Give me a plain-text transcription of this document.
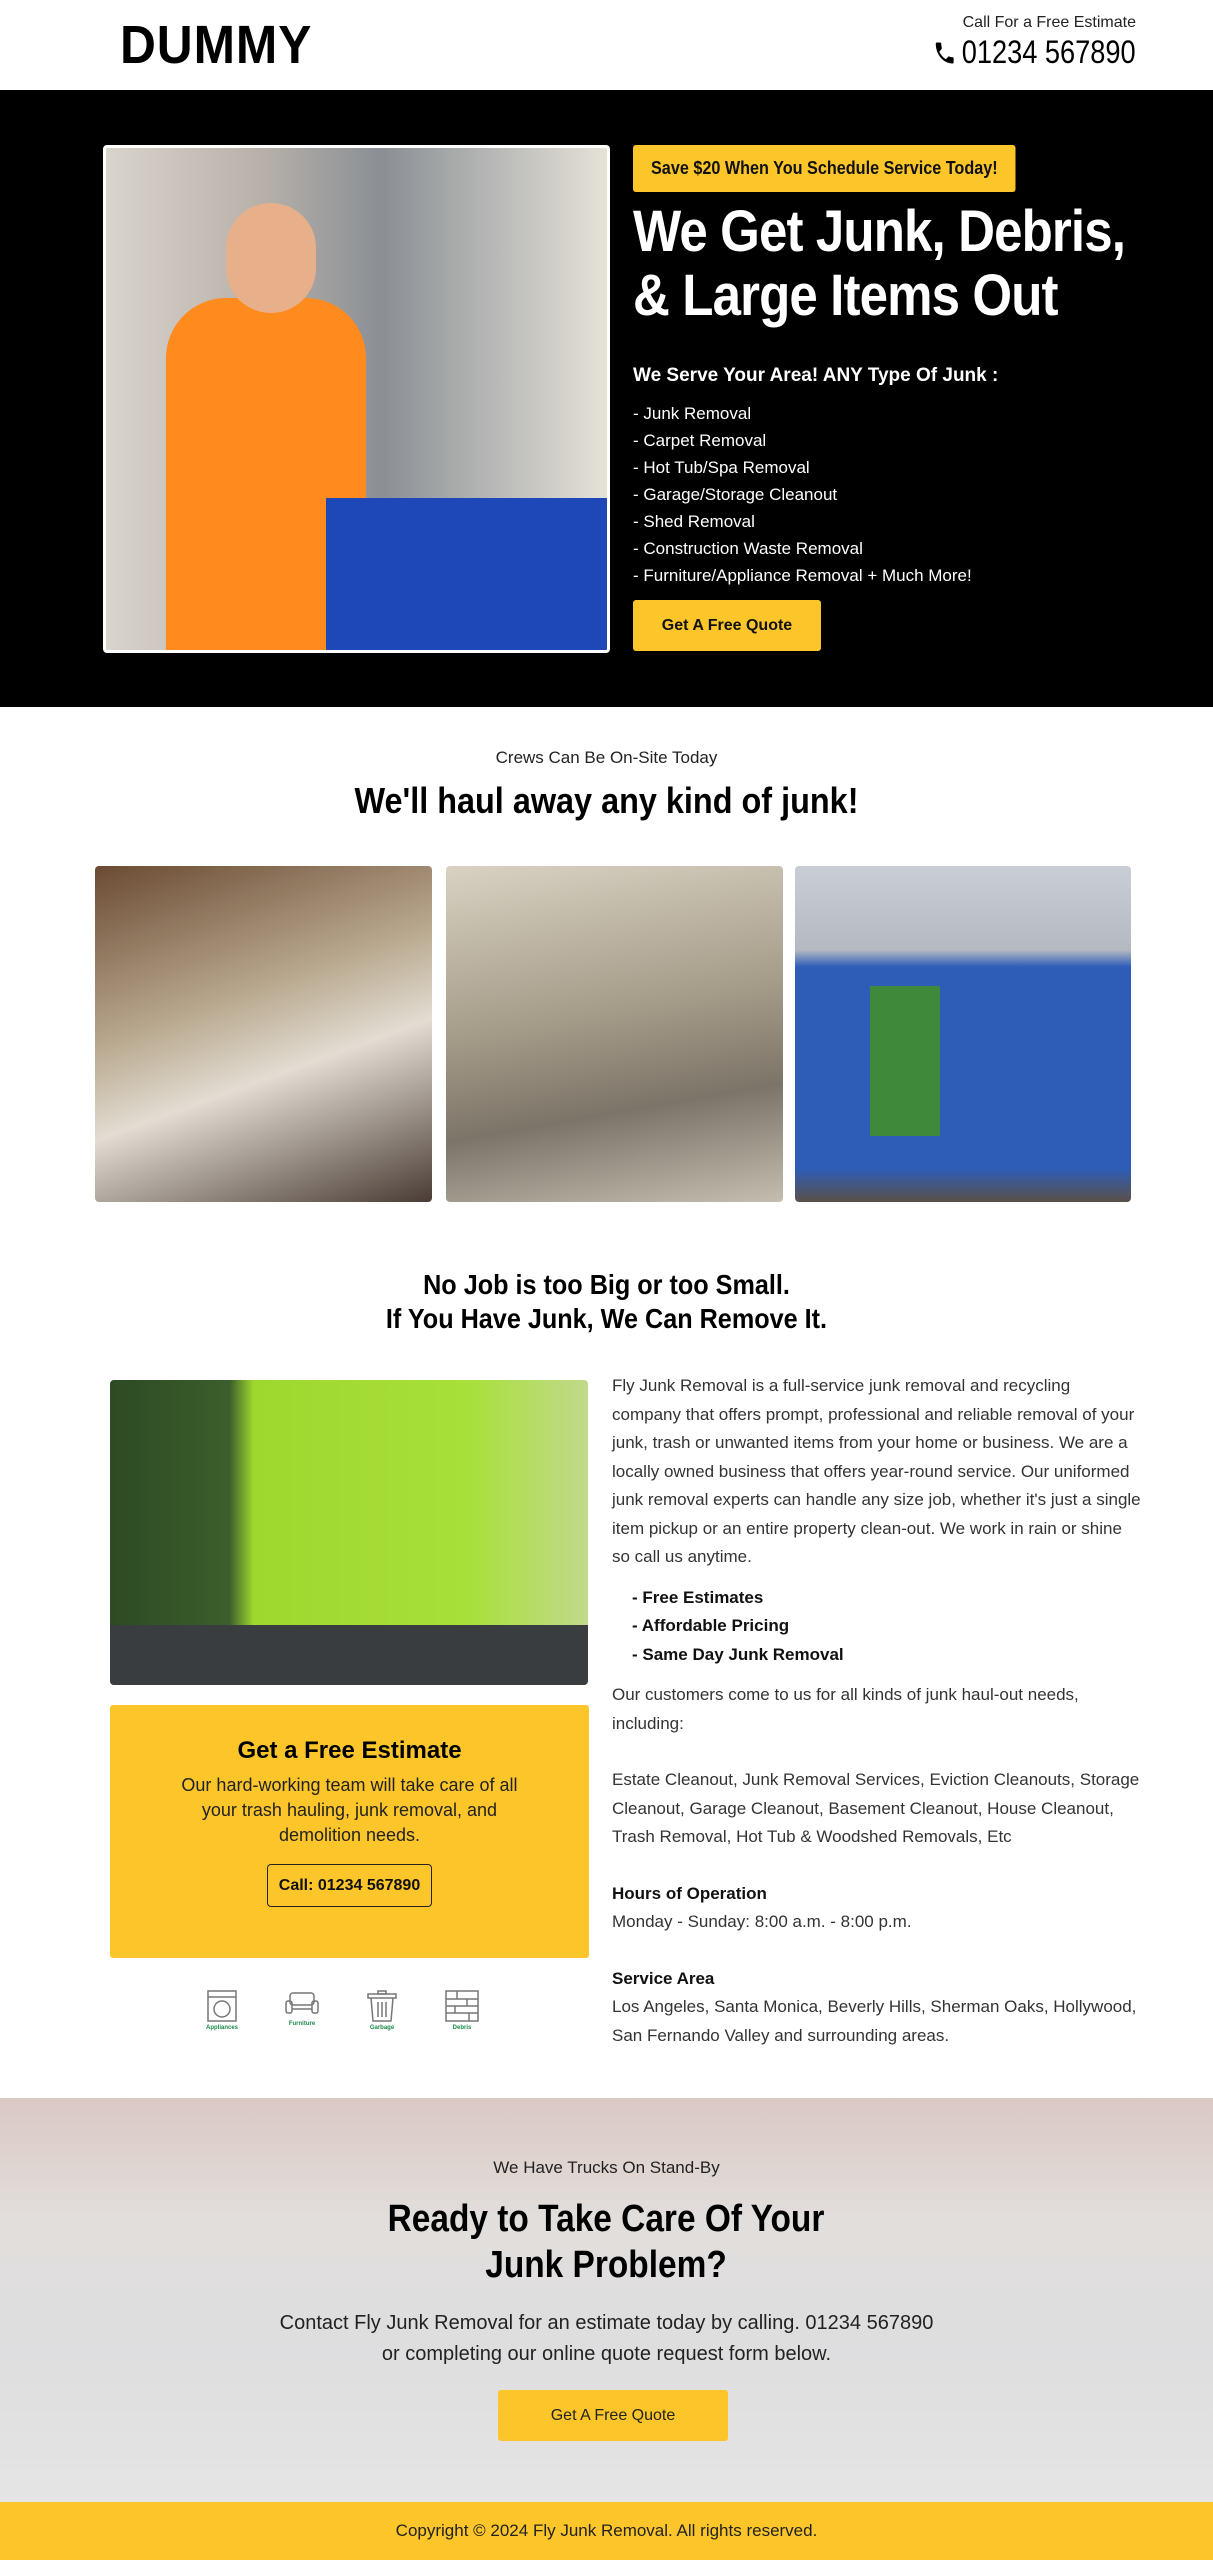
DUMMY	Call For a Free Estimate
01234 567890
Save $20 When You Schedule Service Today!
We Get Junk, Debris, & Large Items Out
We Serve Your Area! ANY Type Of Junk :
- Junk Removal
- Carpet Removal
- Hot Tub/Spa Removal
- Garage/Storage Cleanout
- Shed Removal
- Construction Waste Removal
- Furniture/Appliance Removal + Much More!
Get A Free Quote
Crews Can Be On-Site Today
We'll haul away any kind of junk!
No Job is too Big or too Small.
If You Have Junk, We Can Remove It.
Get a Free Estimate
Our hard-working team will take care of all your trash hauling, junk removal, and demolition needs.
Call: 01234 567890
Appliances
Furniture
Garbage	Debris

Fly Junk Removal is a full-service junk removal and recycling company that offers prompt, professional and reliable removal of your junk, trash or unwanted items from your home or business. We are a locally owned business that offers year-round service. Our uniformed junk removal experts can handle any size job, whether it's just a single item pickup or an entire property clean-out. We work in rain or shine so call us anytime.

- Free Estimates
- Affordable Pricing
- Same Day Junk Removal

Our customers come to us for all kinds of junk haul-out needs, including:

Estate Cleanout, Junk Removal Services, Eviction Cleanouts, Storage Cleanout, Garage Cleanout, Basement Cleanout, House Cleanout, Trash Removal, Hot Tub & Woodshed Removals, Etc

Hours of Operation

Monday - Sunday: 8:00 a.m. - 8:00 p.m.

Service Area

Los Angeles, Santa Monica, Beverly Hills, Sherman Oaks, Hollywood, San Fernando Valley and surrounding areas.

We Have Trucks On Stand-By
Ready to Take Care Of Your Junk Problem?

Contact Fly Junk Removal for an estimate today by calling. 01234 567890 or completing our online quote request form below.

Get A Free Quote
Copyright © 2024 Fly Junk Removal. All rights reserved.
